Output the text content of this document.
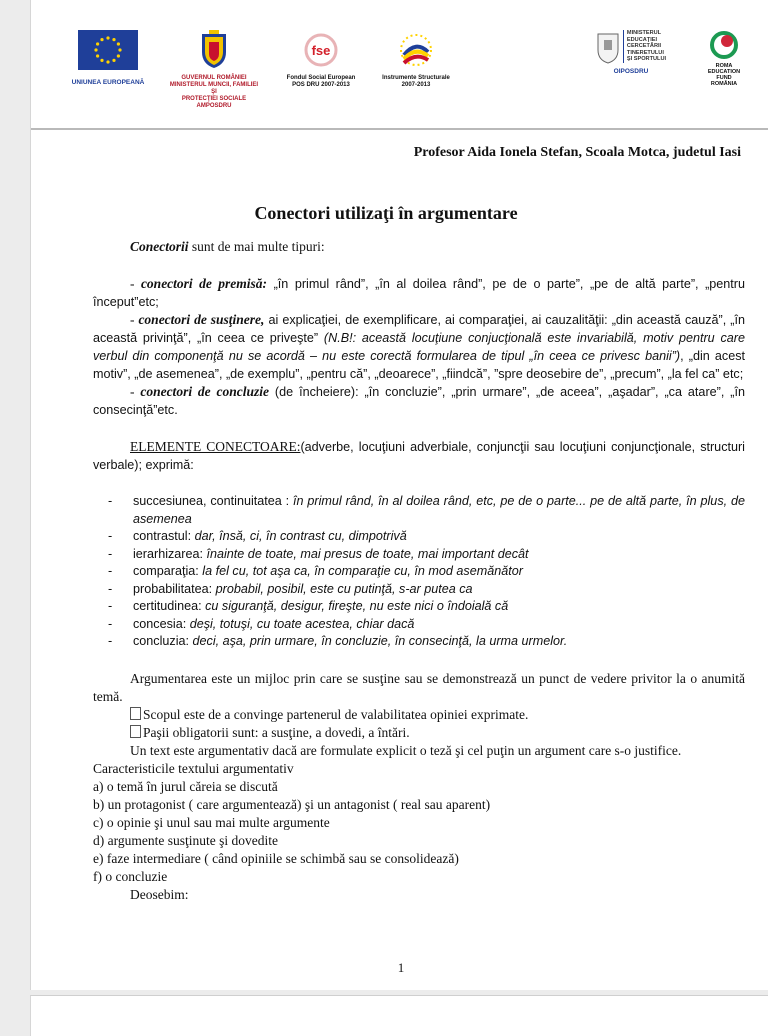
UNIUNEA EUROPEANĂ
GUVERNUL ROMÂNIEI
MINISTERUL MUNCII, FAMILIEI ŞI
PROTECŢIEI SOCIALE
AMPOSDRU
fse
Fondul Social European
POS DRU 2007-2013
Instrumente Structurale
2007-2013
MINISTERUL
EDUCAŢIEI
CERCETĂRII
TINERETULUI
ŞI SPORTULUI
OIPOSDRU
ROMA
EDUCATION
FUND
ROMÂNIA
Profesor Aida Ionela Stefan, Scoala Motca, judetul Iasi
Conectori utilizaţi în argumentare

Conectorii sunt de mai multe tipuri:

- conectori de premisă: „în primul rând”, „în al doilea rând”, pe de o parte”, „pe de altă parte”, „pentru început”etc;

- conectori de susţinere, ai explicaţiei, de exemplificare, ai comparaţiei, ai cauzalităţii: „din această cauză”, „în această privinţă”, „în ceea ce priveşte” (N.B!: această locuţiune conjucţională este invariabilă, motiv pentru care verbul din componenţă nu se acordă – nu este corectă formularea de tipul „în ceea ce privesc banii”), „din acest motiv”, „de asemenea”, „de exemplu”, „pentru că”, „deoarece”, „fiindcă”, ”spre deosebire de”, „precum”, „la fel ca” etc;

- conectori de concluzie (de încheiere): „în concluzie”, „prin urmare”, „de aceea”, „aşadar”, „ca atare”, „în consecinţă”etc.

ELEMENTE CONECTOARE:(adverbe, locuţiuni adverbiale, conjuncţii sau locuţiuni conjuncţionale, structuri verbale); exprimă:

- succesiunea, continuitatea : în primul rând, în al doilea rând, etc, pe de o parte... pe de altă parte, în plus, de asemenea
- contrastul: dar, însă, ci, în contrast cu, dimpotrivă
- ierarhizarea: înainte de toate, mai presus de toate, mai important decât
- comparaţia: la fel cu, tot aşa ca, în comparaţie cu, în mod asemănător
- probabilitatea: probabil, posibil, este cu putinţă, s-ar putea ca
- certitudinea: cu siguranţă, desigur, fireşte, nu este nici o îndoială că
- concesia: deşi, totuşi, cu toate acestea, chiar dacă
- concluzia: deci, aşa, prin urmare, în concluzie, în consecinţă, la urma urmelor.

Argumentarea este un mijloc prin care se susţine sau se demonstrează un punct de vedere privitor la o anumită temă.

Scopul este de a convinge partenerul de valabilitatea opiniei exprimate.

Paşii obligatorii sunt: a susţine, a dovedi, a întări.

Un text este argumentativ dacă are formulate explicit o teză şi cel puţin un argument care s-o justifice.

Caracteristicile textului argumentativ

a) o temă în jurul căreia se discută

b) un protagonist ( care argumentează) şi un antagonist ( real sau aparent)

c) o opinie şi unul sau mai multe argumente

d) argumente susţinute şi dovedite

e) faze intermediare ( când opiniile se schimbă sau se consolidează)

f) o concluzie

Deosebim:

1
